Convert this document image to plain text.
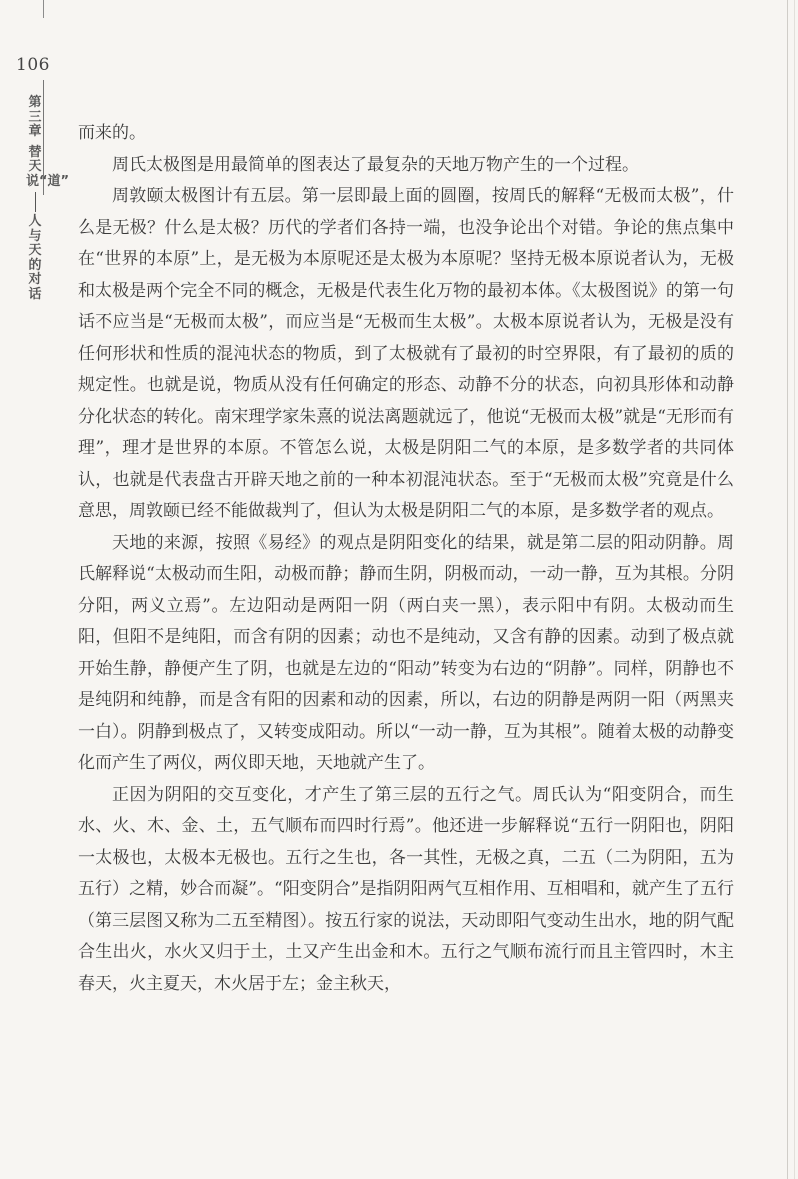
106
第三章
替天说“道”
人与天的对话

而来的。

周氏太极图是用最简单的图表达了最复杂的天地万物产生的一个过程。

周敦颐太极图计有五层。第一层即最上面的圆圈，按周氏的解释“无极而太极”，什么是无极？什么是太极？历代的学者们各持一端，也没争论出个对错。争论的焦点集中在“世界的本原”上，是无极为本原呢还是太极为本原呢？坚持无极本原说者认为，无极和太极是两个完全不同的概念，无极是代表生化万物的最初本体。《太极图说》的第一句话不应当是“无极而太极”，而应当是“无极而生太极”。太极本原说者认为，无极是没有任何形状和性质的混沌状态的物质，到了太极就有了最初的时空界限，有了最初的质的规定性。也就是说，物质从没有任何确定的形态、动静不分的状态，向初具形体和动静分化状态的转化。南宋理学家朱熹的说法离题就远了，他说“无极而太极”就是“无形而有理”，理才是世界的本原。不管怎么说，太极是阴阳二气的本原，是多数学者的共同体认，也就是代表盘古开辟天地之前的一种本初混沌状态。至于“无极而太极”究竟是什么意思，周敦颐已经不能做裁判了，但认为太极是阴阳二气的本原，是多数学者的观点。

天地的来源，按照《易经》的观点是阴阳变化的结果，就是第二层的阳动阴静。周氏解释说“太极动而生阳，动极而静；静而生阴，阴极而动，一动一静，互为其根。分阴分阳，两义立焉”。左边阳动是两阳一阴（两白夹一黑），表示阳中有阴。太极动而生阳，但阳不是纯阳，而含有阴的因素；动也不是纯动，又含有静的因素。动到了极点就开始生静，静便产生了阴，也就是左边的“阳动”转变为右边的“阴静”。同样，阴静也不是纯阴和纯静，而是含有阳的因素和动的因素，所以，右边的阴静是两阴一阳（两黑夹一白）。阴静到极点了，又转变成阳动。所以“一动一静，互为其根”。随着太极的动静变化而产生了两仪，两仪即天地，天地就产生了。

正因为阴阳的交互变化，才产生了第三层的五行之气。周氏认为“阳变阴合，而生水、火、木、金、土，五气顺布而四时行焉”。他还进一步解释说“五行一阴阳也，阴阳一太极也，太极本无极也。五行之生也，各一其性，无极之真，二五（二为阴阳，五为五行）之精，妙合而凝”。“阳变阴合”是指阴阳两气互相作用、互相唱和，就产生了五行（第三层图又称为二五至精图）。按五行家的说法，天动即阳气变动生出水，地的阴气配合生出火，水火又归于土，土又产生出金和木。五行之气顺布流行而且主管四时，木主春天，火主夏天，木火居于左；金主秋天，
